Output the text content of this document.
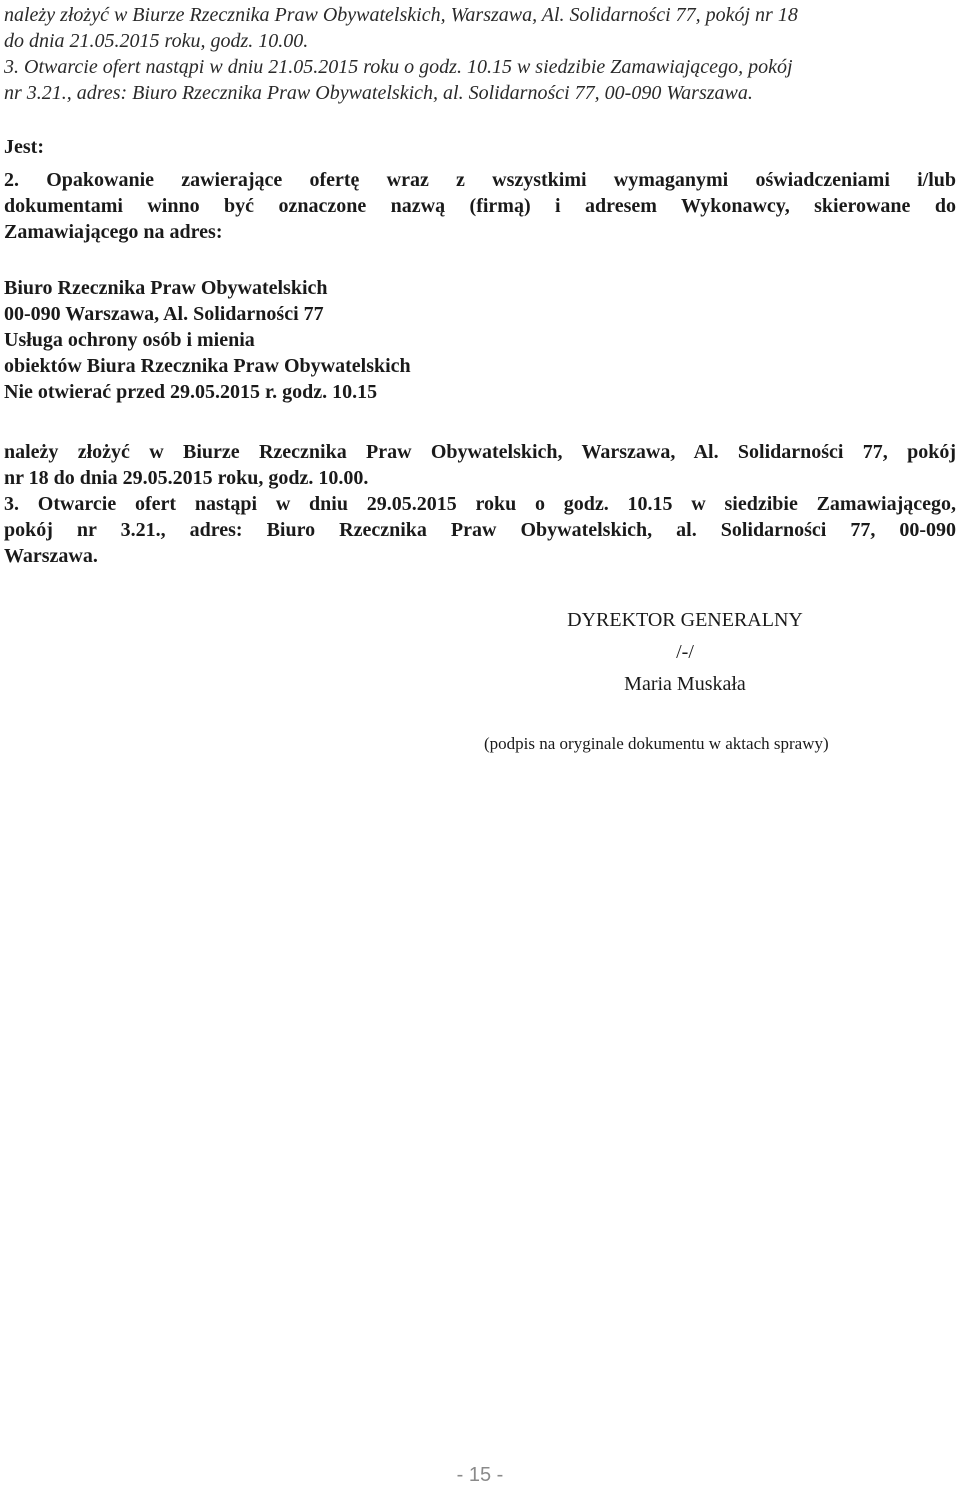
należy złożyć w Biurze Rzecznika Praw Obywatelskich, Warszawa, Al. Solidarności 77, pokój nr 18
do dnia 21.05.2015 roku, godz. 10.00.
3. Otwarcie ofert nastąpi w dniu 21.05.2015 roku o godz. 10.15 w siedzibie Zamawiającego, pokój
nr 3.21., adres: Biuro Rzecznika Praw Obywatelskich, al. Solidarności 77, 00-090 Warszawa.
Jest:
2. Opakowanie zawierające ofertę wraz z wszystkimi wymaganymi oświadczeniami i/lub
dokumentami winno być oznaczone nazwą (firmą) i adresem Wykonawcy, skierowane do
Zamawiającego na adres:
Biuro Rzecznika Praw Obywatelskich
00-090 Warszawa, Al. Solidarności 77
Usługa ochrony osób i mienia
obiektów Biura Rzecznika Praw Obywatelskich
Nie otwierać przed 29.05.2015 r. godz. 10.15
należy złożyć w Biurze Rzecznika Praw Obywatelskich, Warszawa, Al. Solidarności 77, pokój
nr 18 do dnia 29.05.2015 roku, godz. 10.00.
3. Otwarcie ofert nastąpi w dniu 29.05.2015 roku o godz. 10.15 w siedzibie Zamawiającego,
pokój nr 3.21., adres: Biuro Rzecznika Praw Obywatelskich, al. Solidarności 77, 00-090
Warszawa.
DYREKTOR GENERALNY
/-/
Maria Muskała
(podpis na oryginale dokumentu w aktach sprawy)
- 15 -
